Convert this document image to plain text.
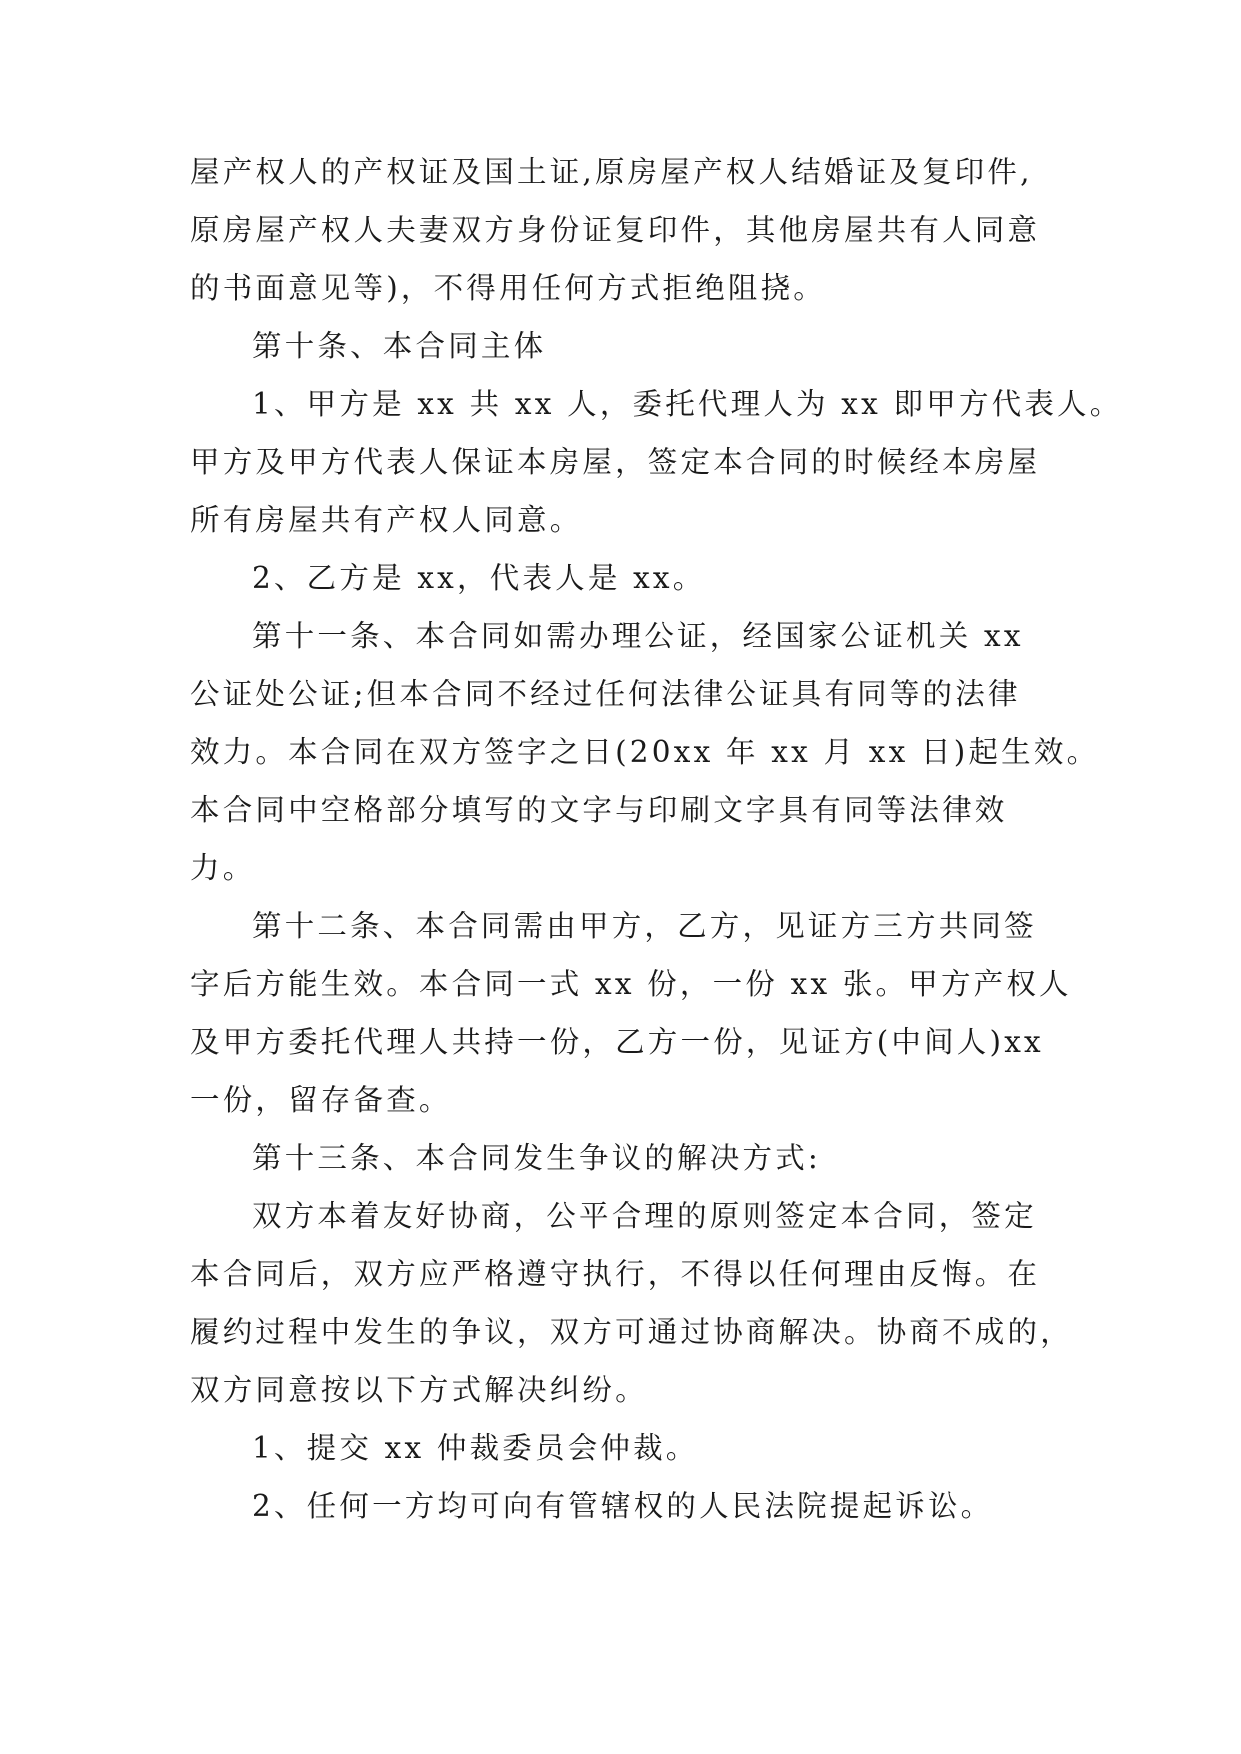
屋产权人的产权证及国土证,原房屋产权人结婚证及复印件,

原房屋产权人夫妻双方身份证复印件，其他房屋共有人同意

的书面意见等)，不得用任何方式拒绝阻挠。

第十条、本合同主体

1、甲方是 xx 共 xx 人，委托代理人为 xx 即甲方代表人。

甲方及甲方代表人保证本房屋，签定本合同的时候经本房屋

所有房屋共有产权人同意。

2、乙方是 xx，代表人是 xx。

第十一条、本合同如需办理公证，经国家公证机关 xx

公证处公证;但本合同不经过任何法律公证具有同等的法律

效力。本合同在双方签字之日(20xx 年 xx 月 xx 日)起生效。

本合同中空格部分填写的文字与印刷文字具有同等法律效

力。

第十二条、本合同需由甲方，乙方，见证方三方共同签

字后方能生效。本合同一式 xx 份，一份 xx 张。甲方产权人

及甲方委托代理人共持一份，乙方一份，见证方(中间人)xx

一份，留存备查。

第十三条、本合同发生争议的解决方式:

双方本着友好协商，公平合理的原则签定本合同，签定

本合同后，双方应严格遵守执行，不得以任何理由反悔。在

履约过程中发生的争议，双方可通过协商解决。协商不成的，

双方同意按以下方式解决纠纷。

1、提交 xx 仲裁委员会仲裁。

2、任何一方均可向有管辖权的人民法院提起诉讼。
